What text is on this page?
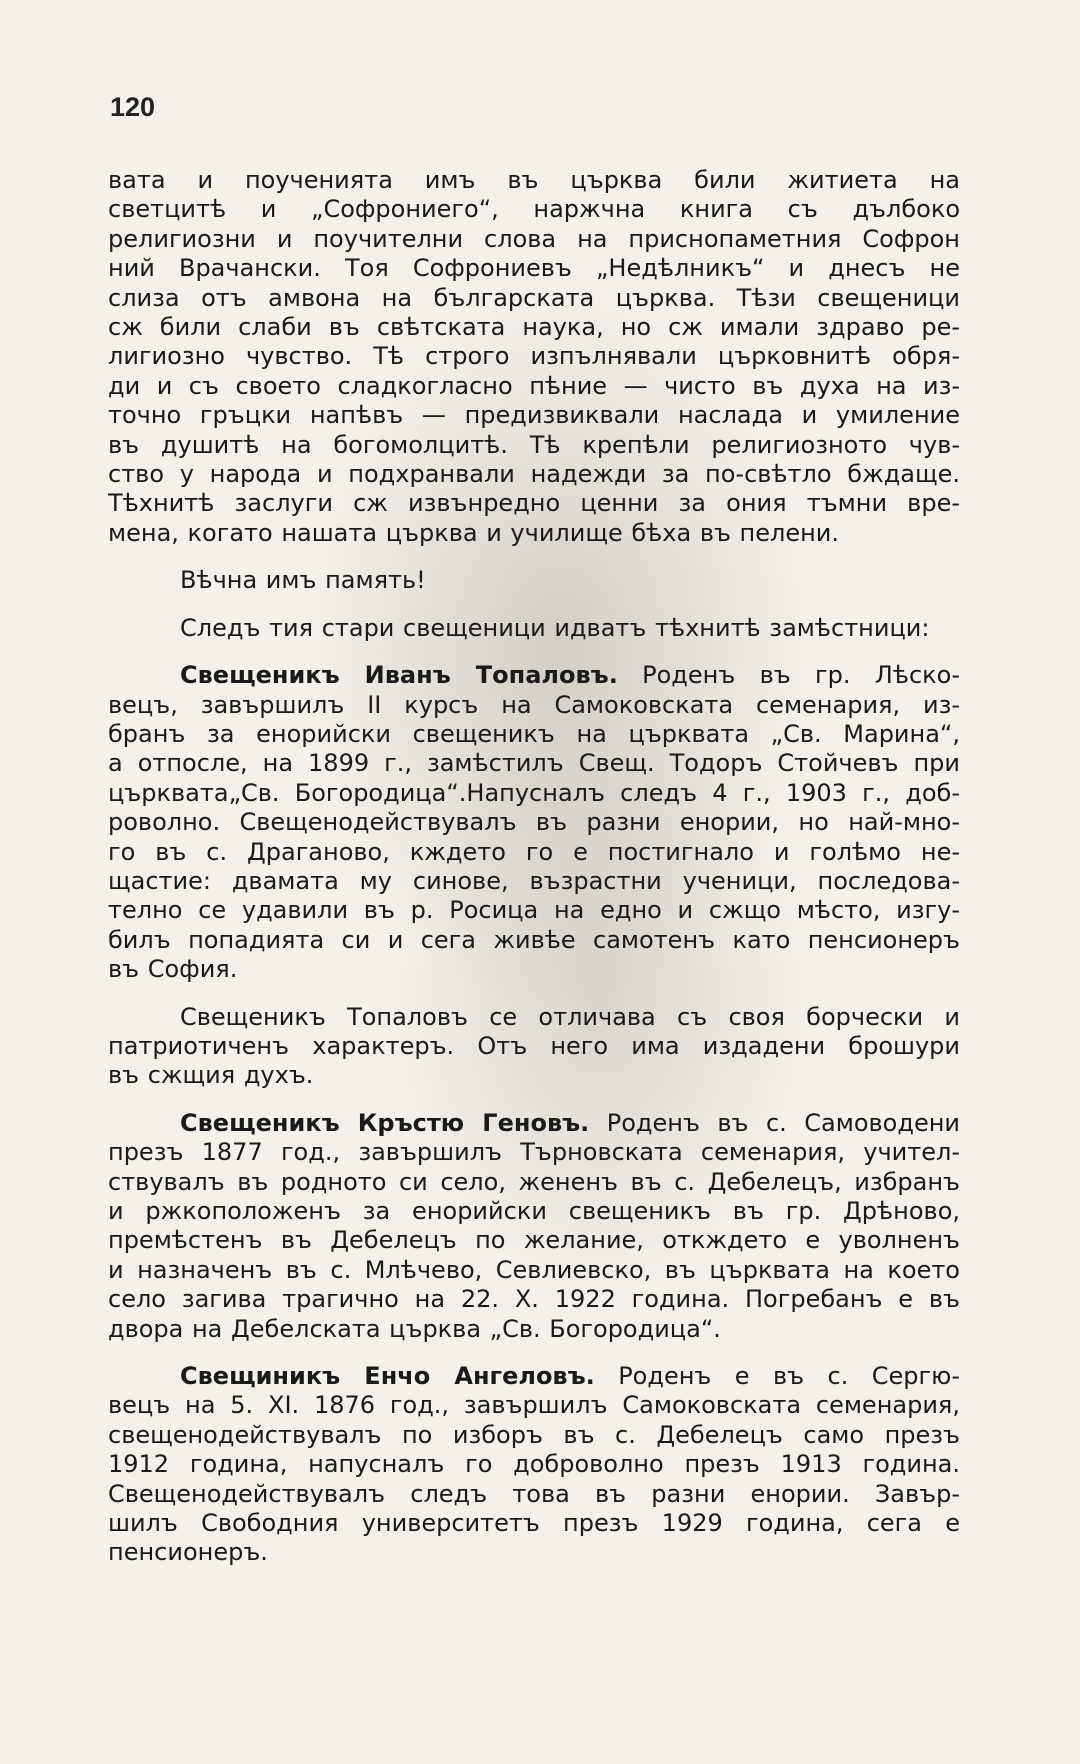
120
вата и поученията имъ въ църква били житиета на
светцитѣ и „Софрониего“, наржчна книга съ дълбоко
религиозни и поучителни слова на приснопаметния Софрон
ний Врачански. Тоя Софрониевъ „Недѣлникъ“ и днесъ не
слиза отъ амвона на българската църква. Тѣзи свещеници
сж били слаби въ свѣтската наука, но сж имали здраво ре-
лигиозно чувство. Тѣ строго изпълнявали църковнитѣ обря-
ди и съ своето сладкогласно пѣние — чисто въ духа на из-
точно гръцки напѣвъ — предизвиквали наслада и умиление
въ душитѣ на богомолцитѣ. Тѣ крепѣли религиозното чув-
ство у народа и подхранвали надежди за по-свѣтло бждаще.
Тѣхнитѣ заслуги сж извънредно ценни за ония тъмни вре-
мена, когато нашата църква и училище бѣха въ пелени.
Вѣчна имъ память!
Следъ тия стари свещеници идватъ тѣхнитѣ замѣстници:
Свещеникъ Иванъ Топаловъ. Роденъ въ гр. Лѣско-
вецъ, завършилъ II курсъ на Самоковската семенария, из-
бранъ за енорийски свещеникъ на църквата „Св. Марина“,
а отпосле, на 1899 г., замѣстилъ Свещ. Тодоръ Стойчевъ при
църквата„Св. Богородица“.Напусналъ следъ 4 г., 1903 г., доб-
роволно. Свещенодействувалъ въ разни енории, но най-мно-
го въ с. Драганово, кждето го е постигнало и голѣмо не-
щастие: двамата му синове, възрастни ученици, последова-
телно се удавили въ р. Росица на едно и сжщо мѣсто, изгу-
билъ попадията си и сега живѣе самотенъ като пенсионеръ
въ София.
Свещеникъ Топаловъ се отличава съ своя борчески и
патриотиченъ характеръ. Отъ него има издадени брошури
въ сжщия духъ.
Свещеникъ Кръстю Геновъ. Роденъ въ с. Самоводени
презъ 1877 год., завършилъ Търновската семенария, учител-
ствувалъ въ родното си село, жененъ въ с. Дебелецъ, избранъ
и ржкоположенъ за енорийски свещеникъ въ гр. Дрѣново,
премѣстенъ въ Дебелецъ по желание, откждето е уволненъ
и назначенъ въ с. Млѣчево, Севлиевско, въ църквата на което
село загива трагично на 22. X. 1922 година. Погребанъ е въ
двора на Дебелската църква „Св. Богородица“.
Свещиникъ Енчо Ангеловъ. Роденъ е въ с. Сергю-
вецъ на 5. XI. 1876 год., завършилъ Самоковската семенария,
свещенодействувалъ по изборъ въ с. Дебелецъ само презъ
1912 година, напусналъ го доброволно презъ 1913 година.
Свещенодействувалъ следъ това въ разни енории. Завър-
шилъ Свободния университетъ презъ 1929 година, сега е
пенсионеръ.
